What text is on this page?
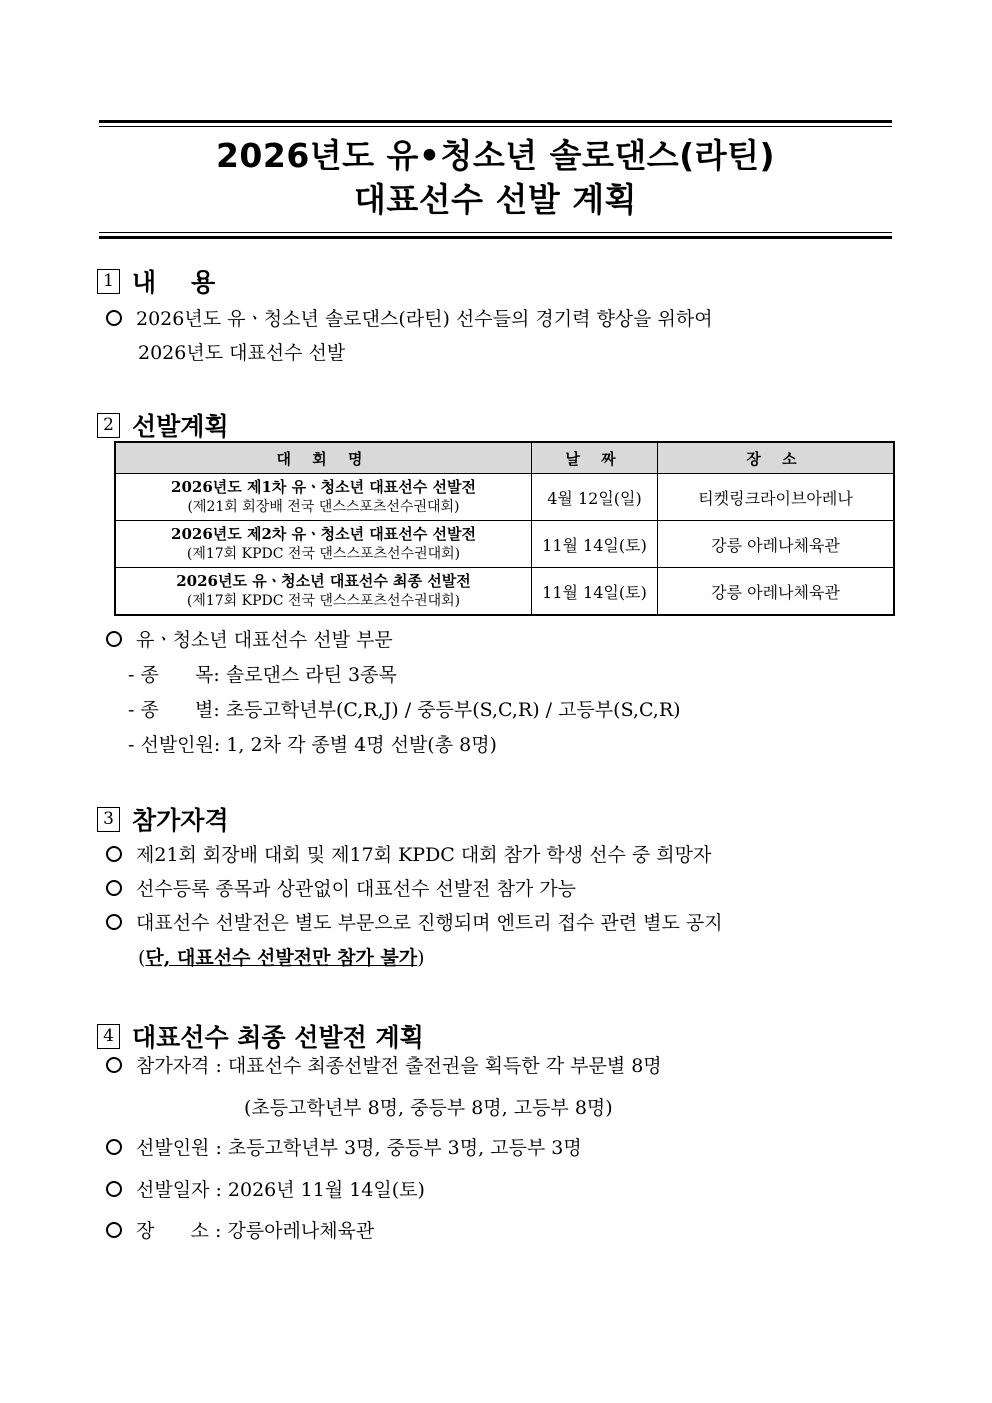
2026년도 유•청소년 솔로댄스(라틴)
대표선수 선발 계획
1 내    용
2026년도 유ㆍ청소년 솔로댄스(라틴) 선수들의 경기력 향상을 위하여
2026년도 대표선수 선발
2 선발계획
대 회 명	날 짜	장 소

2026년도 제1차 유ㆍ청소년 대표선수 선발전
(제21회 회장배 전국 댄스스포츠선수권대회)	4월 12일(일)	티켓링크라이브아레나

2026년도 제2차 유ㆍ청소년 대표선수 선발전
(제17회 KPDC 전국 댄스스포츠선수권대회)	11월 14일(토)	강릉 아레나체육관

2026년도 유ㆍ청소년 대표선수 최종 선발전
(제17회 KPDC 전국 댄스스포츠선수권대회)	11월 14일(토)	강릉 아레나체육관
유ㆍ청소년 대표선수 선발 부문
- 종      목: 솔로댄스 라틴 3종목
- 종      별: 초등고학년부(C,R,J) / 중등부(S,C,R) / 고등부(S,C,R)
- 선발인원: 1, 2차 각 종별 4명 선발(총 8명)
3 참가자격
제21회 회장배 대회 및 제17회 KPDC 대회 참가 학생 선수 중 희망자
선수등록 종목과 상관없이 대표선수 선발전 참가 가능
대표선수 선발전은 별도 부문으로 진행되며 엔트리 접수 관련 별도 공지
(단, 대표선수 선발전만 참가 불가)
4 대표선수 최종 선발전 계획
참가자격 : 대표선수 최종선발전 출전권을 획득한 각 부문별 8명
(초등고학년부 8명, 중등부 8명, 고등부 8명)
선발인원 : 초등고학년부 3명, 중등부 3명, 고등부 3명
선발일자 : 2026년 11월 14일(토)
장      소 : 강릉아레나체육관
